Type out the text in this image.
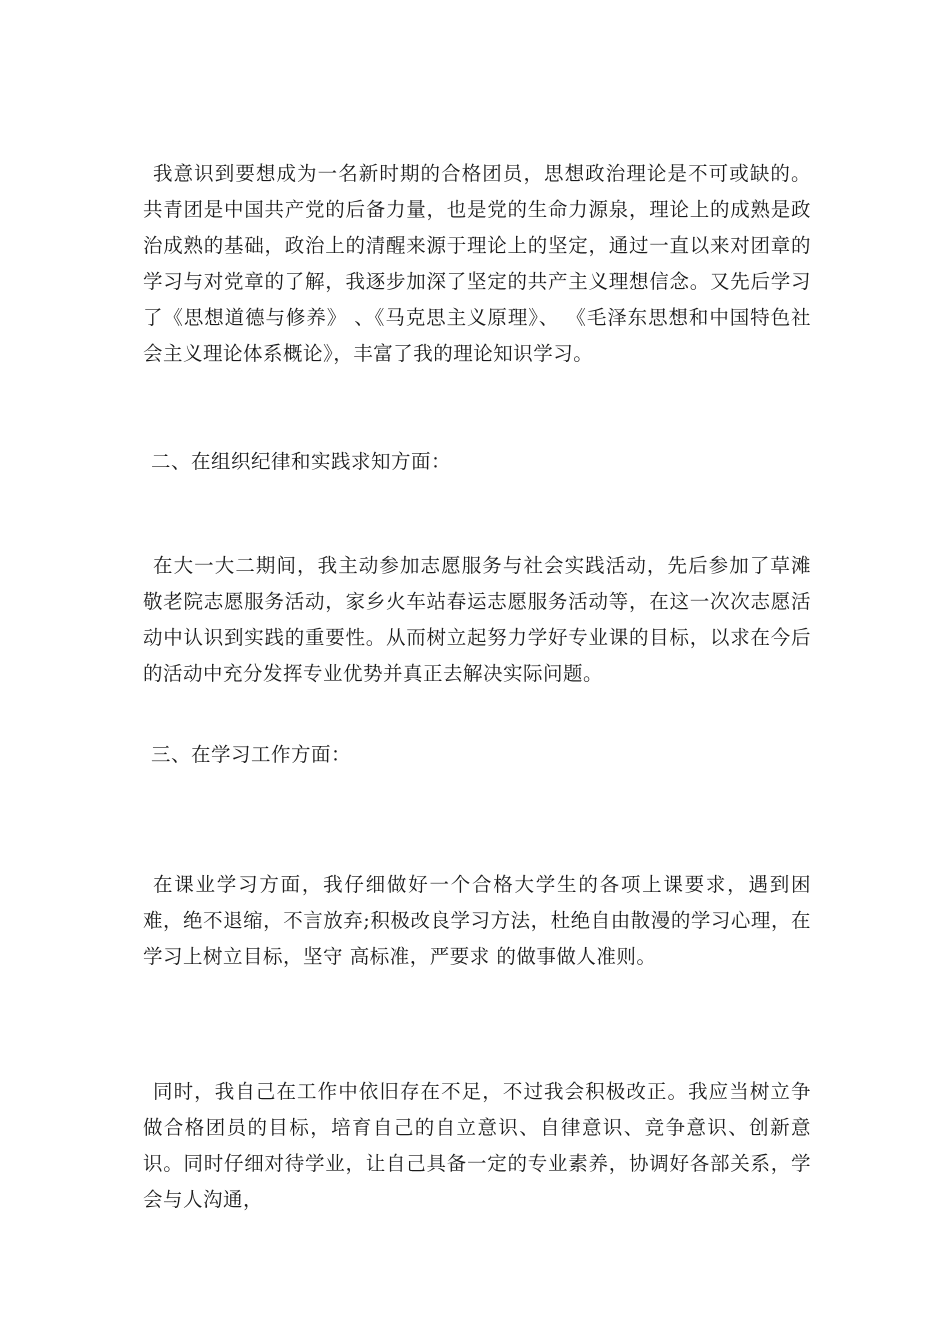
我意识到要想成为一名新时期的合格团员，思想政治理论是不可或缺的。共青团是中国共产党的后备力量，也是党的生命力源泉，理论上的成熟是政治成熟的基础，政治上的清醒来源于理论上的坚定，通过一直以来对团章的学习与对党章的了解，我逐步加深了坚定的共产主义理想信念。又先后学习了《思想道德与修养》 、《马克思主义原理》、 《毛泽东思想和中国特色社会主义理论体系概论》，丰富了我的理论知识学习。

二、在组织纪律和实践求知方面：

在大一大二期间，我主动参加志愿服务与社会实践活动，先后参加了草滩敬老院志愿服务活动，家乡火车站春运志愿服务活动等，在这一次次志愿活动中认识到实践的重要性。从而树立起努力学好专业课的目标，以求在今后的活动中充分发挥专业优势并真正去解决实际问题。

三、在学习工作方面：

在课业学习方面，我仔细做好一个合格大学生的各项上课要求，遇到困难，绝不退缩，不言放弃;积极改良学习方法，杜绝自由散漫的学习心理，在学习上树立目标，坚守 高标准，严要求 的做事做人准则。

同时，我自己在工作中依旧存在不足，不过我会积极改正。我应当树立争做合格团员的目标，培育自己的自立意识、自律意识、竞争意识、创新意识。同时仔细对待学业，让自己具备一定的专业素养，协调好各部关系，学会与人沟通，
